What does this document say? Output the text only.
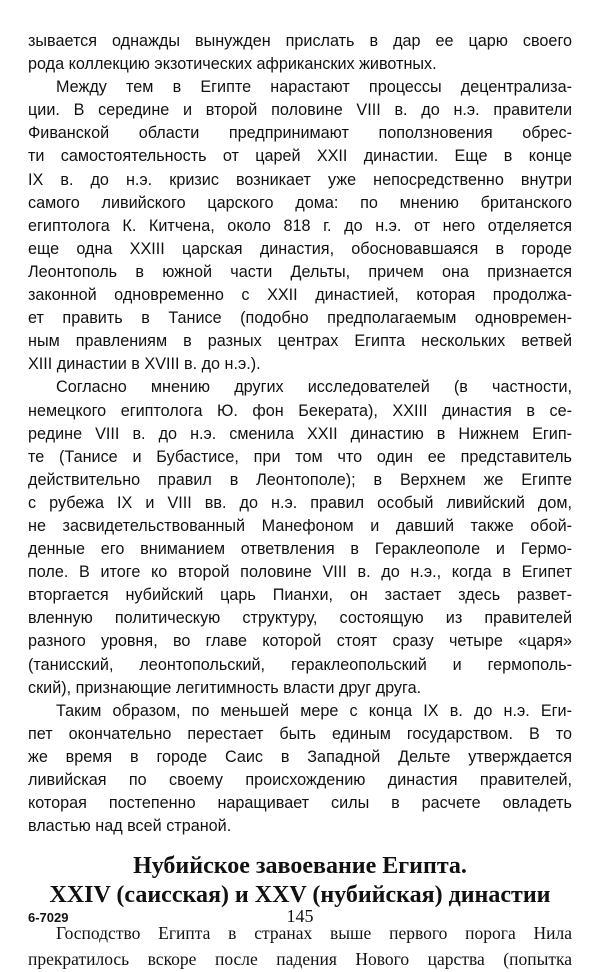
зывается однажды вынужден прислать в дар ее царю своего
рода коллекцию экзотических африканских животных.
Между тем в Египте нарастают процессы децентрализа-
ции. В середине и второй половине VIII в. до н.э. правители
Фиванской области предпринимают поползновения обрес-
ти самостоятельность от царей XXII династии. Еще в конце
IX в. до н.э. кризис возникает уже непосредственно внутри
самого ливийского царского дома: по мнению британского
египтолога К. Китчена, около 818 г. до н.э. от него отделяется
еще одна XXIII царская династия, обосновавшаяся в городе
Леонтополь в южной части Дельты, причем она признается
законной одновременно с XXII династией, которая продолжа-
ет править в Танисе (подобно предполагаемым одновремен-
ным правлениям в разных центрах Египта нескольких ветвей
XIII династии в XVIII в. до н.э.).
Согласно мнению других исследователей (в частности,
немецкого египтолога Ю. фон Бекерата), XXIII династия в се-
редине VIII в. до н.э. сменила XXII династию в Нижнем Егип-
те (Танисе и Бубастисе, при том что один ее представитель
действительно правил в Леонтополе); в Верхнем же Египте
с рубежа IX и VIII вв. до н.э. правил особый ливийский дом,
не засвидетельствованный Манефоном и давший также обой-
денные его вниманием ответвления в Гераклеополе и Гермо-
поле. В итоге ко второй половине VIII в. до н.э., когда в Египет
вторгается нубийский царь Пианхи, он застает здесь развет-
вленную политическую структуру, состоящую из правителей
разного уровня, во главе которой стоят сразу четыре «царя»
(танисский, леонтопольский, гераклеопольский и гермополь-
ский), признающие легитимность власти друг друга.
Таким образом, по меньшей мере с конца IX в. до н.э. Еги-
пет окончательно перестает быть единым государством. В то
же время в городе Саис в Западной Дельте утверждается
ливийская по своему происхождению династия правителей,
которая постепенно наращивает силы в расчете овладеть
властью над всей страной.
Нубийское завоевание Египта.
XXIV (саисская) и XXV (нубийская) династии
Господство Египта в странах выше первого порога Нила
прекратилось вскоре после падения Нового царства (попытка
6-7029	145
